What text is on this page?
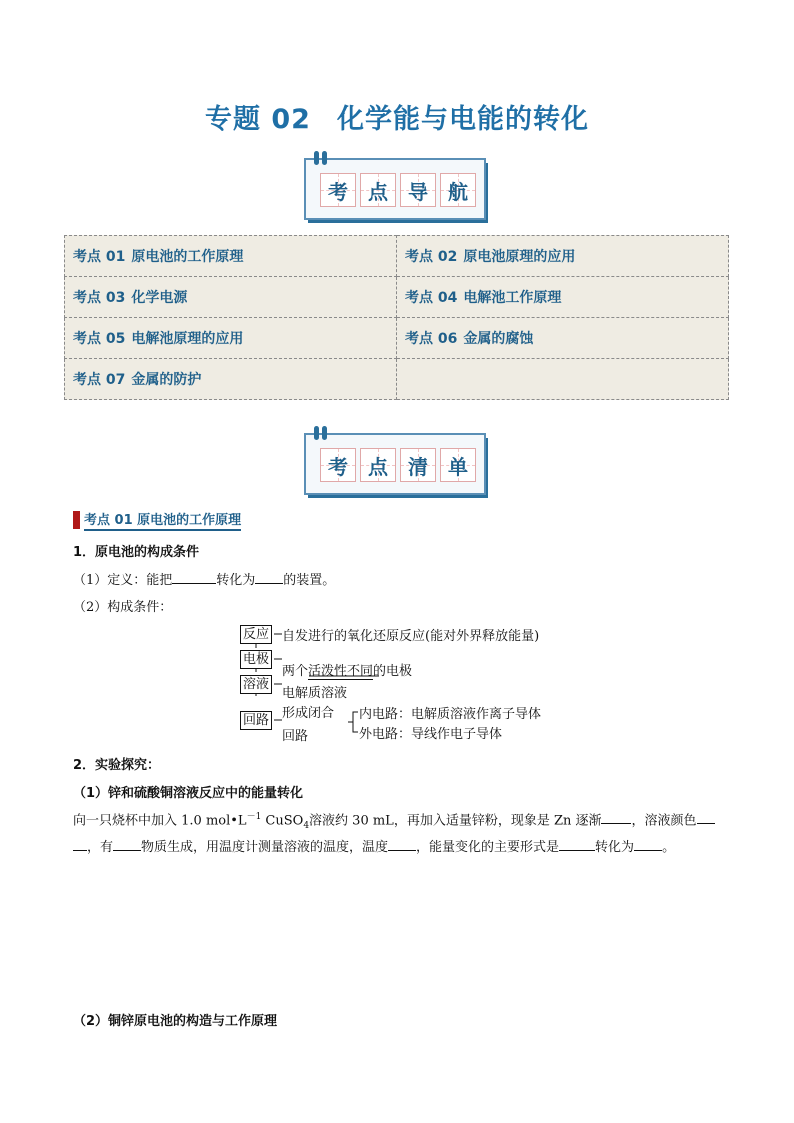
专题 02 化学能与电能的转化
考 点 导 航
考点 01 原电池的工作原理	考点 02 原电池原理的应用
考点 03 化学电源	考点 04 电解池工作原理
考点 05 电解池原理的应用	考点 06 金属的腐蚀
考点 07 金属的防护	
考 点 清 单
考点 01 原电池的工作原理
1．原电池的构成条件
（1）定义：能把	转化为 的装置。
（2）构成条件：
反应 自发进行的氧化还原反应(能对外界释放能量)
电极
两个活泼性不同的电极
溶液
电解质溶液
回路 形成闭合
回路
内电路：电解质溶液作离子导体
外电路：导线作电子导体
2．实验探究：
（1）锌和硫酸铜溶液反应中的能量转化
向一只烧杯中加入 1.0 $mol•L^{-1}$ CuSO$_4$溶液约 30 mL，再加入适量锌粉，现象是 Zn 逐渐 ，溶液颜色
，有 物质生成，用温度计测量溶液的温度，温度 ，能量变化的主要形式是	转化为 。
（2）铜锌原电池的构造与工作原理
